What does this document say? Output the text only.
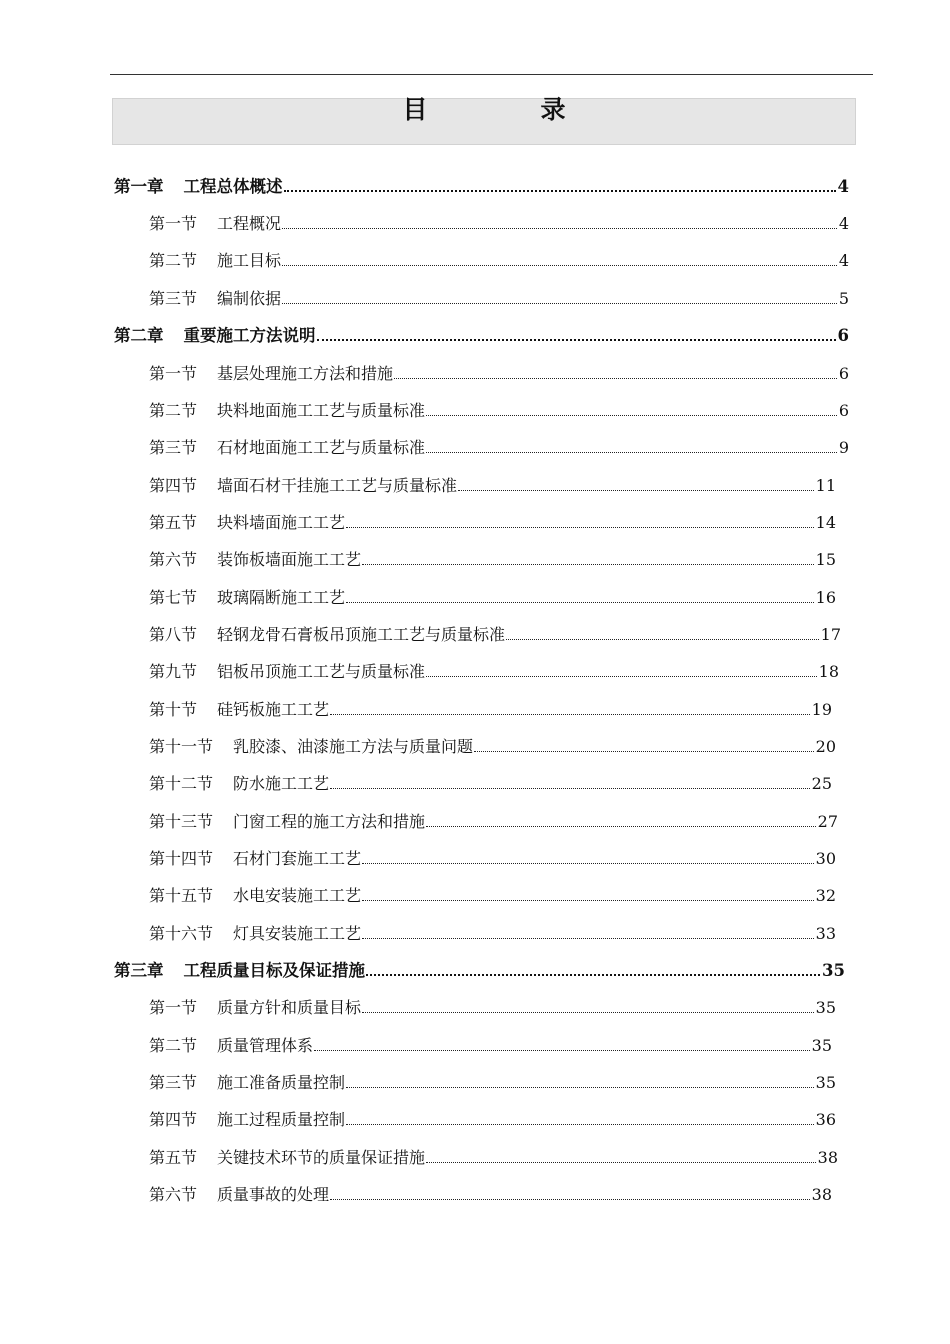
目　录
第一章 工程总体概述	4
第一节 工程概况	4
第二节 施工目标	4
第三节 编制依据	5
第二章 重要施工方法说明	6
第一节 基层处理施工方法和措施	6
第二节 块料地面施工工艺与质量标准	6
第三节 石材地面施工工艺与质量标准	9
第四节 墙面石材干挂施工工艺与质量标准	11
第五节 块料墙面施工工艺	14
第六节 装饰板墙面施工工艺	15
第七节 玻璃隔断施工工艺	16
第八节 轻钢龙骨石膏板吊顶施工工艺与质量标准	17
第九节 铝板吊顶施工工艺与质量标准	18
第十节 硅钙板施工工艺	19
第十一节 乳胶漆、油漆施工方法与质量问题	20
第十二节 防水施工工艺	25
第十三节 门窗工程的施工方法和措施	27
第十四节 石材门套施工工艺	30
第十五节 水电安装施工工艺	32
第十六节 灯具安装施工工艺	33
第三章 工程质量目标及保证措施	35
第一节 质量方针和质量目标	35
第二节 质量管理体系	35
第三节 施工准备质量控制	35
第四节 施工过程质量控制	36
第五节 关键技术环节的质量保证措施	38
第六节 质量事故的处理	38
